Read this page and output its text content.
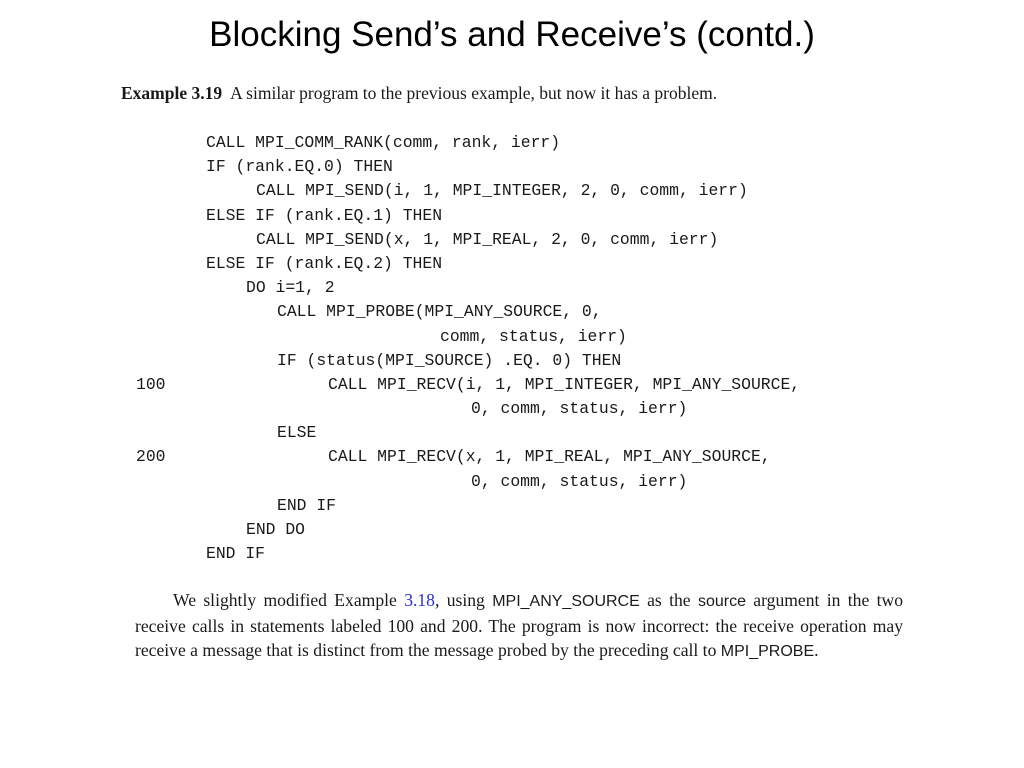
Blocking Send’s and Receive’s (contd.)
Example 3.19 A similar program to the previous example, but now it has a problem.
CALL MPI_COMM_RANK(comm, rank, ierr)
IF (rank.EQ.0) THEN
CALL MPI_SEND(i, 1, MPI_INTEGER, 2, 0, comm, ierr)
ELSE IF (rank.EQ.1) THEN
CALL MPI_SEND(x, 1, MPI_REAL, 2, 0, comm, ierr)
ELSE IF (rank.EQ.2) THEN
DO i=1, 2
CALL MPI_PROBE(MPI_ANY_SOURCE, 0,
comm, status, ierr)
IF (status(MPI_SOURCE) .EQ. 0) THEN
100	CALL MPI_RECV(i, 1, MPI_INTEGER, MPI_ANY_SOURCE,
0, comm, status, ierr)
ELSE
200	CALL MPI_RECV(x, 1, MPI_REAL, MPI_ANY_SOURCE,
0, comm, status, ierr)
END IF
END DO
END IF
We slightly modified Example 3.18, using MPI_ANY_SOURCE as the source argument in the two receive calls in statements labeled 100 and 200. The program is now incorrect: the receive operation may receive a message that is distinct from the message probed by the preceding call to MPI_PROBE.
